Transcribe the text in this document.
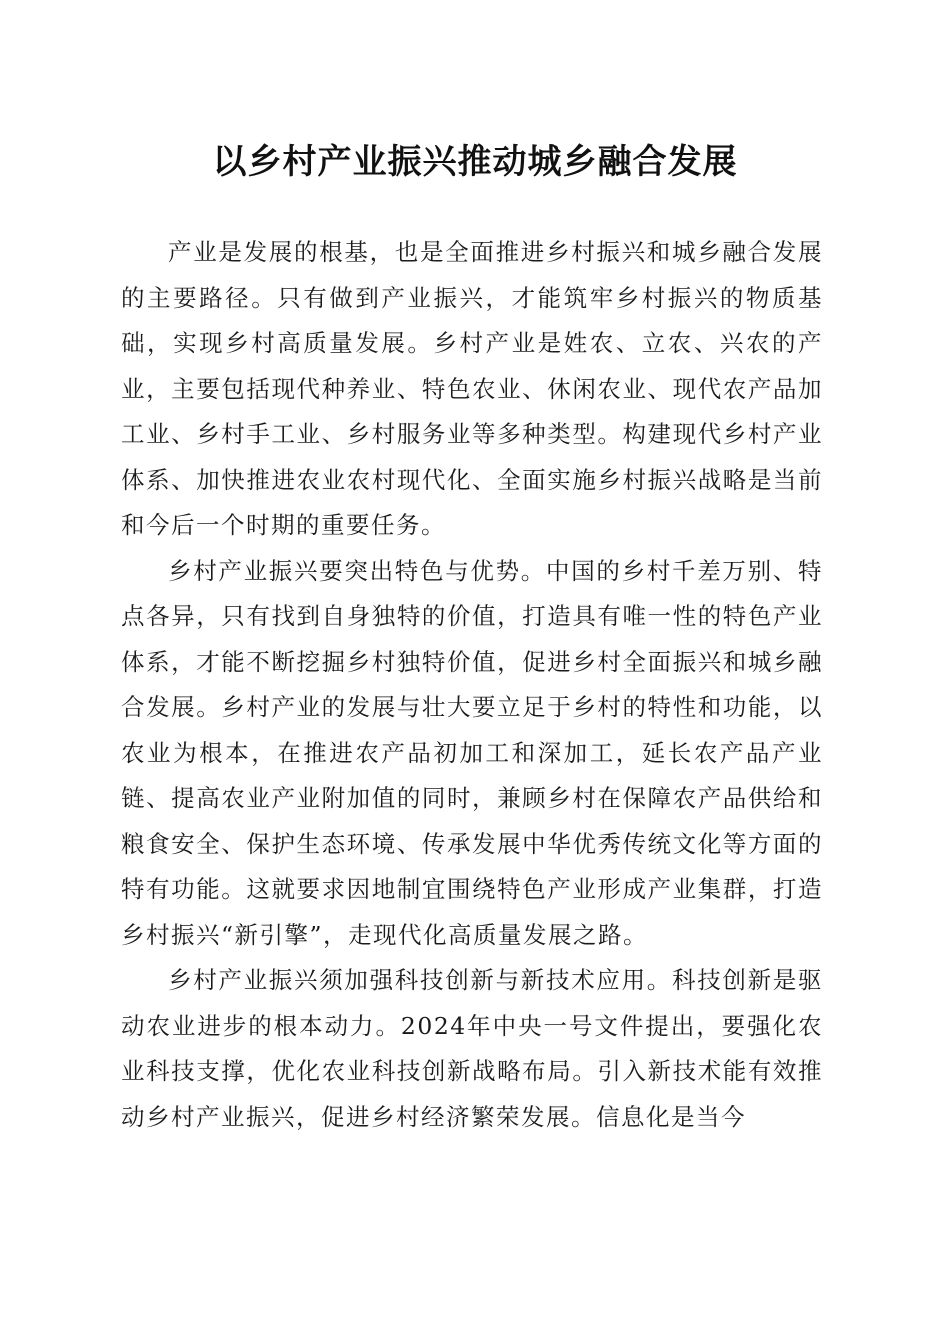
以乡村产业振兴推动城乡融合发展

产业是发展的根基，也是全面推进乡村振兴和城乡融合发展的主要路径。只有做到产业振兴，才能筑牢乡村振兴的物质基础，实现乡村高质量发展。乡村产业是姓农、立农、兴农的产业，主要包括现代种养业、特色农业、休闲农业、现代农产品加工业、乡村手工业、乡村服务业等多种类型。构建现代乡村产业体系、加快推进农业农村现代化、全面实施乡村振兴战略是当前和今后一个时期的重要任务。

乡村产业振兴要突出特色与优势。中国的乡村千差万别、特点各异，只有找到自身独特的价值，打造具有唯一性的特色产业体系，才能不断挖掘乡村独特价值，促进乡村全面振兴和城乡融合发展。乡村产业的发展与壮大要立足于乡村的特性和功能，以农业为根本，在推进农产品初加工和深加工，延长农产品产业链、提高农业产业附加值的同时，兼顾乡村在保障农产品供给和粮食安全、保护生态环境、传承发展中华优秀传统文化等方面的特有功能。这就要求因地制宜围绕特色产业形成产业集群，打造乡村振兴“新引擎”，走现代化高质量发展之路。

乡村产业振兴须加强科技创新与新技术应用。科技创新是驱动农业进步的根本动力。2024年中央一号文件提出，要强化农业科技支撑，优化农业科技创新战略布局。引入新技术能有效推动乡村产业振兴，促进乡村经济繁荣发展。信息化是当今
